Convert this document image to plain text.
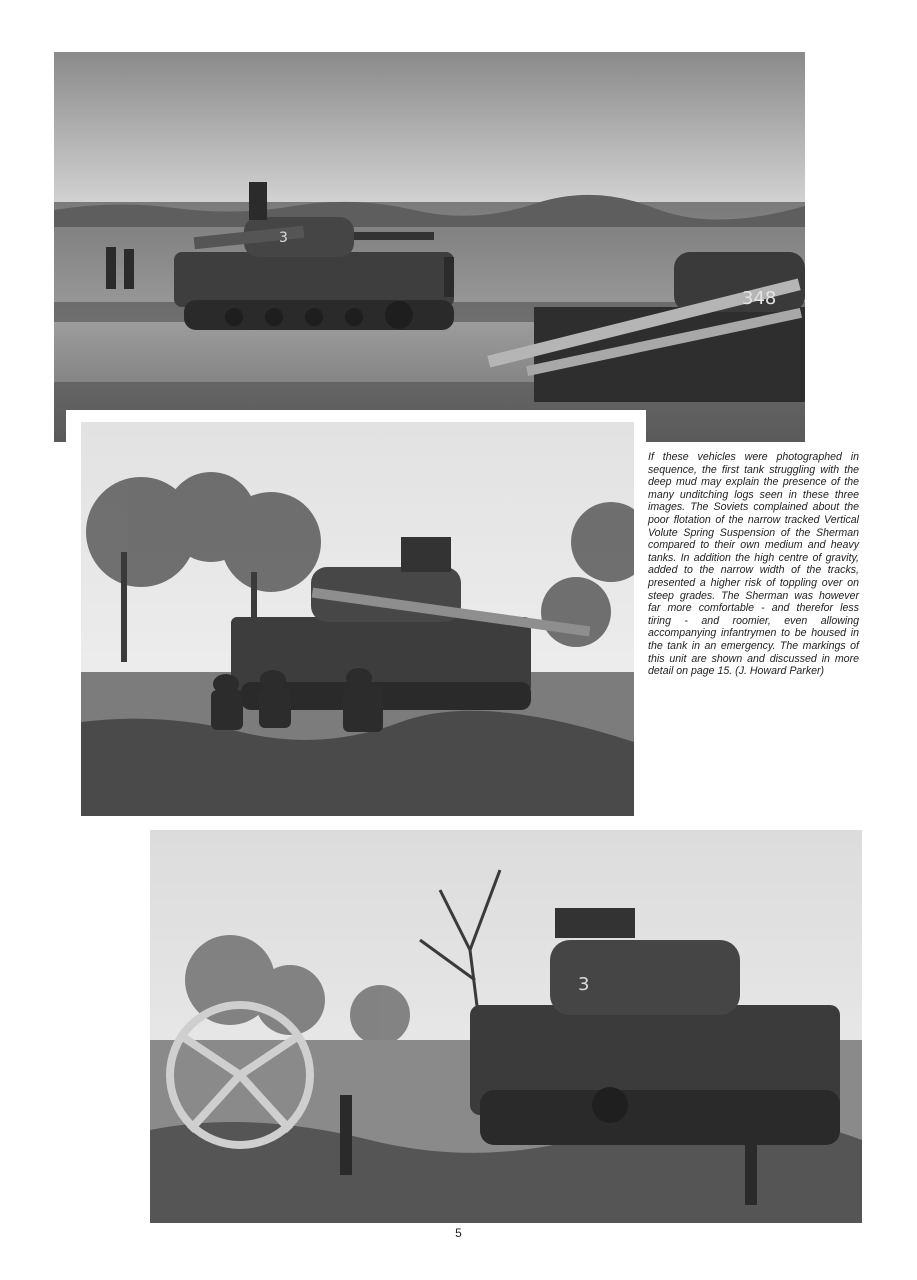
3
348

If these vehicles were photographed in sequence, the first tank struggling with the deep mud may explain the presence of the many unditching logs seen in these three images. The Soviets complained about the poor flotation of the narrow tracked Vertical Volute Spring Suspension of the Sherman compared to their own medium and heavy tanks. In addition the high centre of gravity, added to the narrow width of the tracks, presented a higher risk of toppling over on steep grades. The Sherman was however far more comfortable - and therefor less tiring - and roomier, even allowing accompanying infantrymen to be housed in the tank in an emergency. The markings of this unit are shown and discussed in more detail on page 15. (J. Howard Parker)

3
5
